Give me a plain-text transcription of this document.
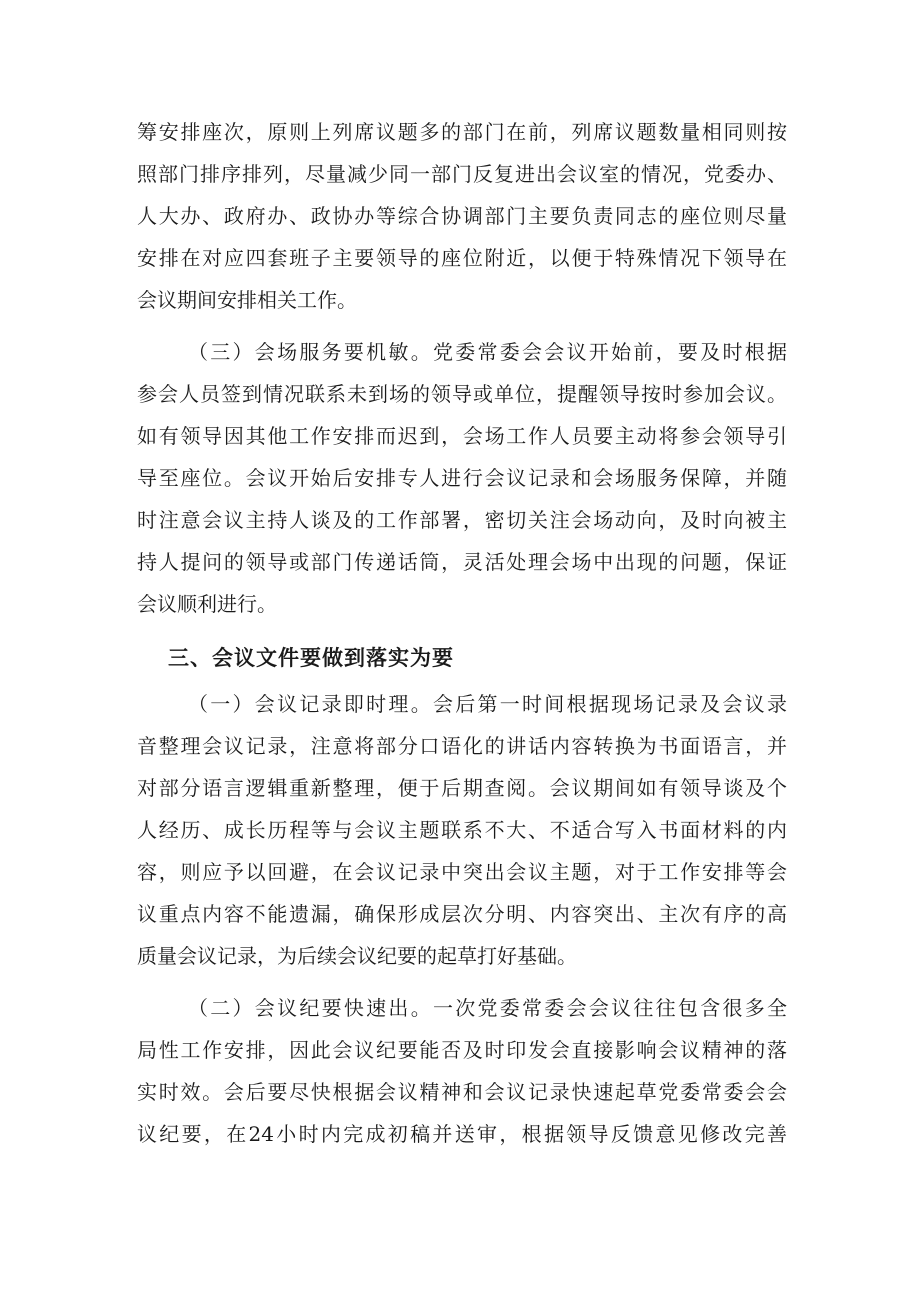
筹安排座次，原则上列席议题多的部门在前，列席议题数量相同则按
照部门排序排列，尽量减少同一部门反复进出会议室的情况，党委办、
人大办、政府办、政协办等综合协调部门主要负责同志的座位则尽量
安排在对应四套班子主要领导的座位附近，以便于特殊情况下领导在
会议期间安排相关工作。
（三）会场服务要机敏。党委常委会会议开始前，要及时根据
参会人员签到情况联系未到场的领导或单位，提醒领导按时参加会议。
如有领导因其他工作安排而迟到，会场工作人员要主动将参会领导引
导至座位。会议开始后安排专人进行会议记录和会场服务保障，并随
时注意会议主持人谈及的工作部署，密切关注会场动向，及时向被主
持人提问的领导或部门传递话筒，灵活处理会场中出现的问题，保证
会议顺利进行。
三、会议文件要做到落实为要
（一）会议记录即时理。会后第一时间根据现场记录及会议录
音整理会议记录，注意将部分口语化的讲话内容转换为书面语言，并
对部分语言逻辑重新整理，便于后期查阅。会议期间如有领导谈及个
人经历、成长历程等与会议主题联系不大、不适合写入书面材料的内
容，则应予以回避，在会议记录中突出会议主题，对于工作安排等会
议重点内容不能遗漏，确保形成层次分明、内容突出、主次有序的高
质量会议记录，为后续会议纪要的起草打好基础。
（二）会议纪要快速出。一次党委常委会会议往往包含很多全
局性工作安排，因此会议纪要能否及时印发会直接影响会议精神的落
实时效。会后要尽快根据会议精神和会议记录快速起草党委常委会会
议纪要，在24小时内完成初稿并送审，根据领导反馈意见修改完善
